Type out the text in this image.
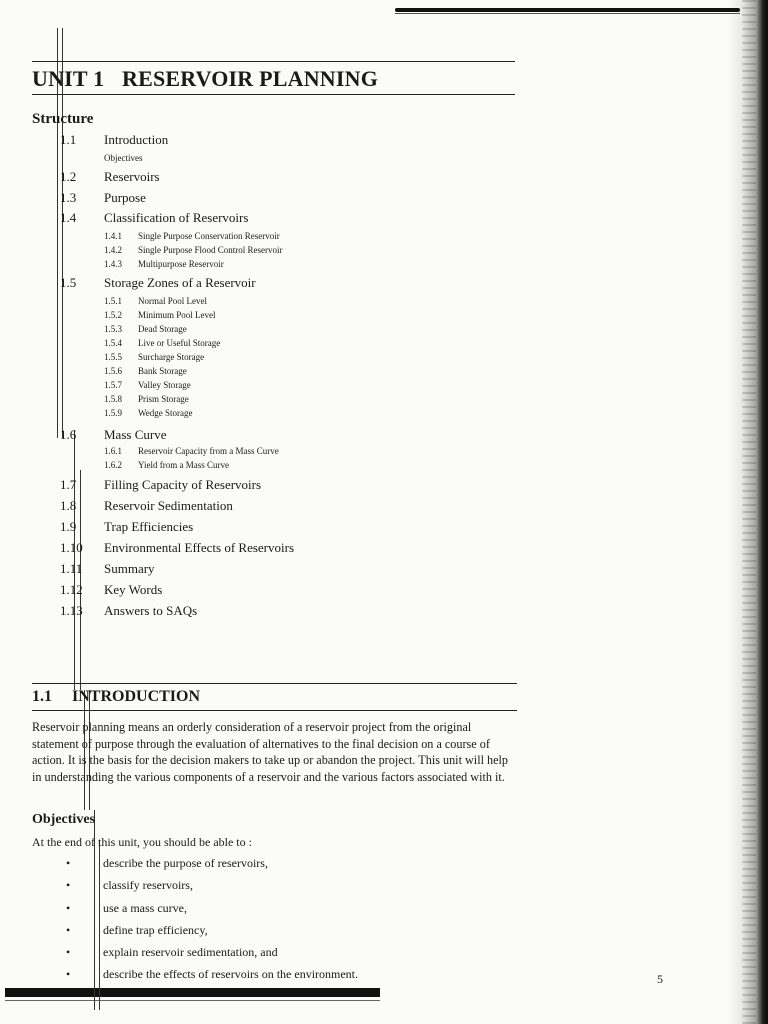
UNIT 1 RESERVOIR PLANNING
Structure
1.1 Introduction
Objectives
1.2 Reservoirs
1.3 Purpose
1.4 Classification of Reservoirs
1.4.1 Single Purpose Conservation Reservoir
1.4.2 Single Purpose Flood Control Reservoir
1.4.3 Multipurpose Reservoir
1.5 Storage Zones of a Reservoir
1.5.1 Normal Pool Level
1.5.2 Minimum Pool Level
1.5.3 Dead Storage
1.5.4 Live or Useful Storage
1.5.5 Surcharge Storage
1.5.6 Bank Storage
1.5.7 Valley Storage
1.5.8 Prism Storage
1.5.9 Wedge Storage
1.6 Mass Curve
1.6.1 Reservoir Capacity from a Mass Curve
1.6.2 Yield from a Mass Curve
1.7 Filling Capacity of Reservoirs
1.8 Reservoir Sedimentation
1.9 Trap Efficiencies
1.10 Environmental Effects of Reservoirs
1.11 Summary
1.12 Key Words
1.13 Answers to SAQs
1.1 INTRODUCTION
Reservoir planning means an orderly consideration of a reservoir project from the original statement of purpose through the evaluation of alternatives to the final decision on a course of action. It is the basis for the decision makers to take up or abandon the project. This unit will help in understanding the various components of a reservoir and the various factors associated with it.
Objectives
At the end of this unit, you should be able to :
•	describe the purpose of reservoirs,
•	classify reservoirs,
•	use a mass curve,
•	define trap efficiency,
•	explain reservoir sedimentation, and
•	describe the effects of reservoirs on the environment.	5
